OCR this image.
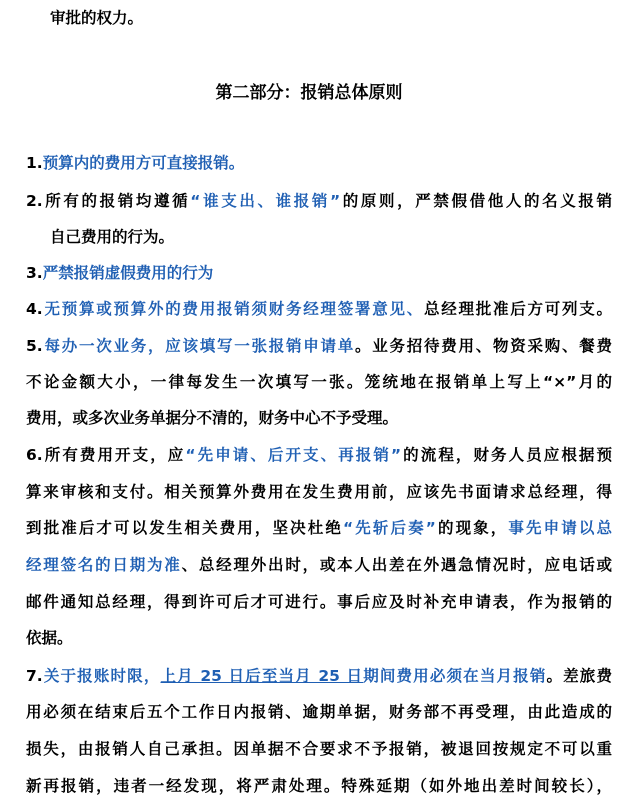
审批的权力。
第二部分：报销总体原则
1.预算内的费用方可直接报销。
2.所有的报销均遵循“谁支出、谁报销”的原则，严禁假借他人的名义报销
自己费用的行为。
3.严禁报销虚假费用的行为
4.无预算或预算外的费用报销须财务经理签署意见、总经理批准后方可列支。
5.每办一次业务，应该填写一张报销申请单。业务招待费用、物资采购、餐费
不论金额大小，一律每发生一次填写一张。笼统地在报销单上写上“×”月的
费用，或多次业务单据分不清的，财务中心不予受理。
6.所有费用开支，应“先申请、后开支、再报销”的流程，财务人员应根据预
算来审核和支付。相关预算外费用在发生费用前，应该先书面请求总经理，得
到批准后才可以发生相关费用，坚决杜绝“先斩后奏”的现象，事先申请以总
经理签名的日期为准、总经理外出时，或本人出差在外遇急情况时，应电话或
邮件通知总经理，得到许可后才可进行。事后应及时补充申请表，作为报销的
依据。
7.关于报账时限，上月 25 日后至当月 25 日期间费用必须在当月报销。差旅费
用必须在结束后五个工作日内报销、逾期单据，财务部不再受理，由此造成的
损失，由报销人自己承担。因单据不合要求不予报销，被退回按规定不可以重
新再报销，违者一经发现，将严肃处理。特殊延期（如外地出差时间较长），
